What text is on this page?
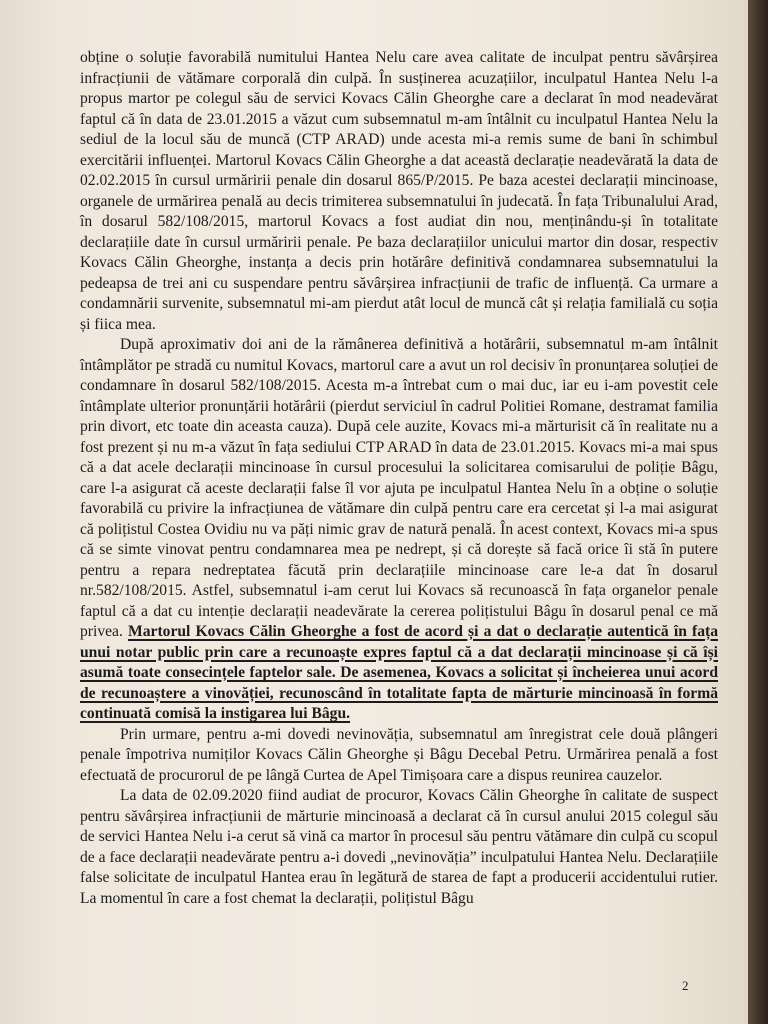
obține o soluție favorabilă numitului Hantea Nelu care avea calitate de inculpat pentru săvârșirea infracțiunii de vătămare corporală din culpă. În susținerea acuzațiilor, inculpatul Hantea Nelu l-a propus martor pe colegul său de servici Kovacs Călin Gheorghe care a declarat în mod neadevărat faptul că în data de 23.01.2015 a văzut cum subsemnatul m-am întâlnit cu inculpatul Hantea Nelu la sediul de la locul său de muncă (CTP ARAD) unde acesta mi-a remis sume de bani în schimbul exercitării influenței. Martorul Kovacs Călin Gheorghe a dat această declarație neadevărată la data de 02.02.2015 în cursul urmăririi penale din dosarul 865/P/2015. Pe baza acestei declarații mincinoase, organele de urmărirea penală au decis trimiterea subsemnatului în judecată. În fața Tribunalului Arad, în dosarul 582/108/2015, martorul Kovacs a fost audiat din nou, menținându-și în totalitate declarațiile date în cursul urmăririi penale. Pe baza declarațiilor unicului martor din dosar, respectiv Kovacs Călin Gheorghe, instanța a decis prin hotărâre definitivă condamnarea subsemnatului la pedeapsa de trei ani cu suspendare pentru săvârșirea infracțiunii de trafic de influență. Ca urmare a condamnării survenite, subsemnatul mi-am pierdut atât locul de muncă cât și relația familială cu soția și fiica mea.

După aproximativ doi ani de la rămânerea definitivă a hotărârii, subsemnatul m-am întâlnit întâmplător pe stradă cu numitul Kovacs, martorul care a avut un rol decisiv în pronunțarea soluției de condamnare în dosarul 582/108/2015. Acesta m-a întrebat cum o mai duc, iar eu i-am povestit cele întâmplate ulterior pronunțării hotărârii (pierdut serviciul în cadrul Politiei Romane, destramat familia prin divort, etc toate din aceasta cauza). După cele auzite, Kovacs mi-a mărturisit că în realitate nu a fost prezent și nu m-a văzut în fața sediului CTP ARAD în data de 23.01.2015. Kovacs mi-a mai spus că a dat acele declarații mincinoase în cursul procesului la solicitarea comisarului de poliție Bâgu, care l-a asigurat că aceste declarații false îl vor ajuta pe inculpatul Hantea Nelu în a obține o soluție favorabilă cu privire la infracțiunea de vătămare din culpă pentru care era cercetat și l-a mai asigurat că polițistul Costea Ovidiu nu va păți nimic grav de natură penală. În acest context, Kovacs mi-a spus că se simte vinovat pentru condamnarea mea pe nedrept, și că dorește să facă orice îi stă în putere pentru a repara nedreptatea făcută prin declarațiile mincinoase care le-a dat în dosarul nr.582/108/2015. Astfel, subsemnatul i-am cerut lui Kovacs să recunoască în fața organelor penale faptul că a dat cu intenție declarații neadevărate la cererea polițistului Bâgu în dosarul penal ce mă privea. Martorul Kovacs Călin Gheorghe a fost de acord și a dat o declarație autentică în fața unui notar public prin care a recunoaște expres faptul că a dat declarații mincinoase și că își asumă toate consecințele faptelor sale. De asemenea, Kovacs a solicitat și încheierea unui acord de recunoaștere a vinovăției, recunoscând în totalitate fapta de mărturie mincinoasă în formă continuată comisă la instigarea lui Bâgu.

Prin urmare, pentru a-mi dovedi nevinovăția, subsemnatul am înregistrat cele două plângeri penale împotriva numiților Kovacs Călin Gheorghe și Bâgu Decebal Petru. Urmărirea penală a fost efectuată de procurorul de pe lângă Curtea de Apel Timișoara care a dispus reunirea cauzelor.

La data de 02.09.2020 fiind audiat de procuror, Kovacs Călin Gheorghe în calitate de suspect pentru săvârșirea infracțiunii de mărturie mincinoasă a declarat că în cursul anului 2015 colegul său de servici Hantea Nelu i-a cerut să vină ca martor în procesul său pentru vătămare din culpă cu scopul de a face declarații neadevărate pentru a-i dovedi „nevinovăția” inculpatului Hantea Nelu. Declarațiile false solicitate de inculpatul Hantea erau în legătură de starea de fapt a producerii accidentului rutier. La momentul în care a fost chemat la declarații, polițistul Bâgu

2
